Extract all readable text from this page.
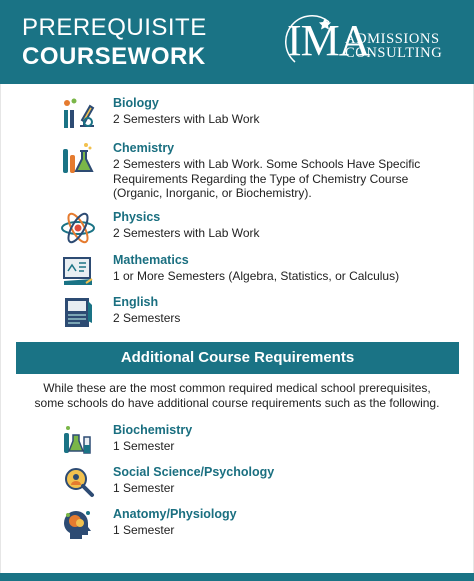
PREREQUISITE
COURSEWORK IMA
ADMISSIONS
CONSULTING
Biology
2 Semesters with Lab Work
Chemistry
2 Semesters with Lab Work. Some Schools Have Specific Requirements Regarding the Type of Chemistry Course (Organic, Inorganic, or Biochemistry).
Physics
2 Semesters with Lab Work
Mathematics
1 or More Semesters (Algebra, Statistics, or Calculus)
English
2 Semesters
Biochemistry
1 Semester
Social Science/Psychology
1 Semester
Anatomy/Physiology
1 Semester
Additional Course Requirements
While these are the most common required medical school prerequisites, some schools do have additional course requirements such as the following.
